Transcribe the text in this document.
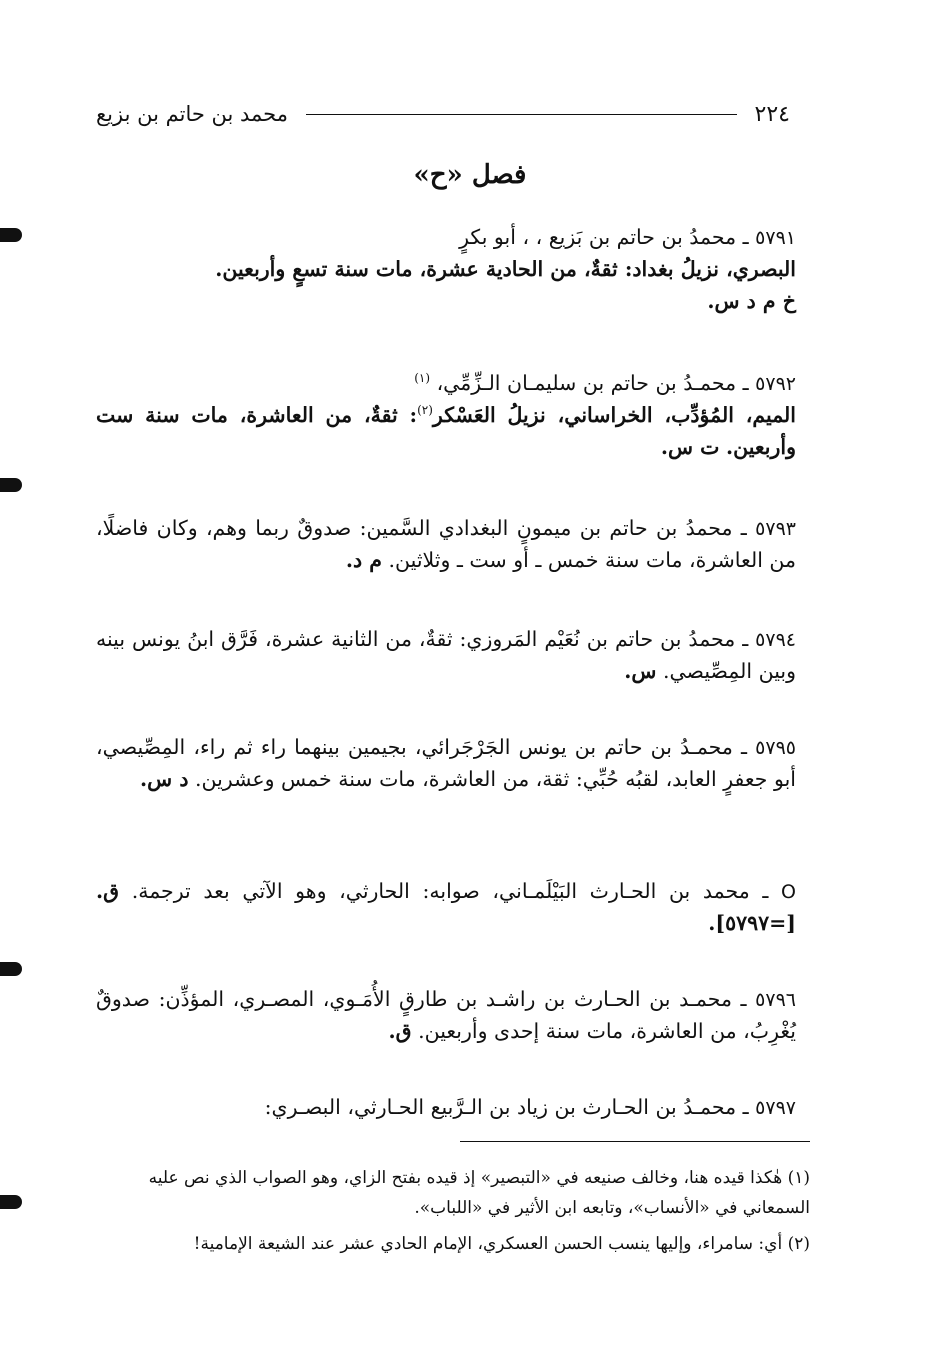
٢٢٤
محمد بن حاتم بن بزيع
فصل «ح»
٥٧٩١ ـ محمدُ بن حاتم بن بَزيع ، ، أبو بكرٍ
البصري، نزيلُ بغداد: ثقةٌ، من الحادية عشرة، مات سنة تسعٍ وأربعين.
خ م د س.
٥٧٩٢ ـ محمـدُ بن حاتم بن سليمـان الـزِّمِّي، $^{(١)}$
الميم، المُؤدِّب، الخراساني، نزيلُ العَسْكر$^{(٢)}$: ثقةٌ، من العاشرة، مات سنة ست وأربعين. ت س.
٥٧٩٣ ـ محمدُ بن حاتم بن ميمونٍ البغدادي السَّمين: صدوقٌ ربما وهم، وكان فاضلًا، من العاشرة، مات سنة خمس ـ أو ست ـ وثلاثين. م د.
٥٧٩٤ ـ محمدُ بن حاتم بن نُعَيْم المَروزي: ثقةٌ، من الثانية عشرة، فَرَّق ابنُ يونس بينه وبين المِصِّيصي. س.
٥٧٩٥ ـ محمـدُ بن حاتم بن يونس الجَرْجَرائي، بجيمين بينهما راء ثم راء، المِصِّيصي، أبو جعفرٍ العابد، لقبُه حُبِّي: ثقة، من العاشرة، مات سنة خمس وعشرين. د س.
O ـ محمد بن الحـارث البَيْلَمـاني، صوابه: الحارثي، وهو الآتي بعد ترجمة. ق. [=٥٧٩٧].
٥٧٩٦ ـ محمـد بن الحـارث بن راشـد بن طارقٍ الأُمَـوي، المصـري، المؤذِّن: صدوقٌ يُغْرِبُ، من العاشرة، مات سنة إحدى وأربعين. ق.
٥٧٩٧ ـ محمـدُ بن الحـارث بن زياد بن الـرَّبيع الحـارثي، البصـري:

(١) هٰكذا قيده هنا، وخالف صنيعه في «التبصير» إذ قيده بفتح الزاي، وهو الصواب الذي نص عليه السمعاني في «الأنساب»، وتابعه ابن الأثير في «اللباب».

(٢) أي: سامراء، وإليها ينسب الحسن العسكري، الإمام الحادي عشر عند الشيعة الإمامية!
